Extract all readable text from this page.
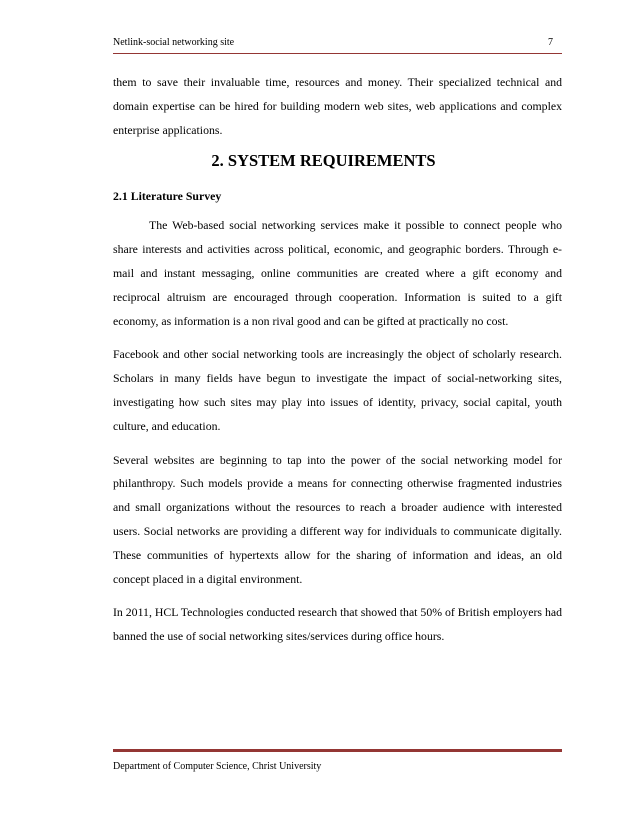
Netlink-social networking site	7

them to save their invaluable time, resources and money. Their specialized technical and domain expertise can be hired for building modern web sites, web applications and complex enterprise applications.

2. SYSTEM REQUIREMENTS
2.1 Literature Survey

The Web-based social networking services make it possible to connect people who share interests and activities across political, economic, and geographic borders. Through e-mail and instant messaging, online communities are created where a gift economy and reciprocal altruism are encouraged through cooperation. Information is suited to a gift economy, as information is a non rival good and can be gifted at practically no cost.

Facebook and other social networking tools are increasingly the object of scholarly research. Scholars in many fields have begun to investigate the impact of social-networking sites, investigating how such sites may play into issues of identity, privacy, social capital, youth culture, and education.

Several websites are beginning to tap into the power of the social networking model for philanthropy. Such models provide a means for connecting otherwise fragmented industries and small organizations without the resources to reach a broader audience with interested users. Social networks are providing a different way for individuals to communicate digitally. These communities of hypertexts allow for the sharing of information and ideas, an old concept placed in a digital environment.

In 2011, HCL Technologies conducted research that showed that 50% of British employers had banned the use of social networking sites/services during office hours.

Department of Computer Science, Christ University
